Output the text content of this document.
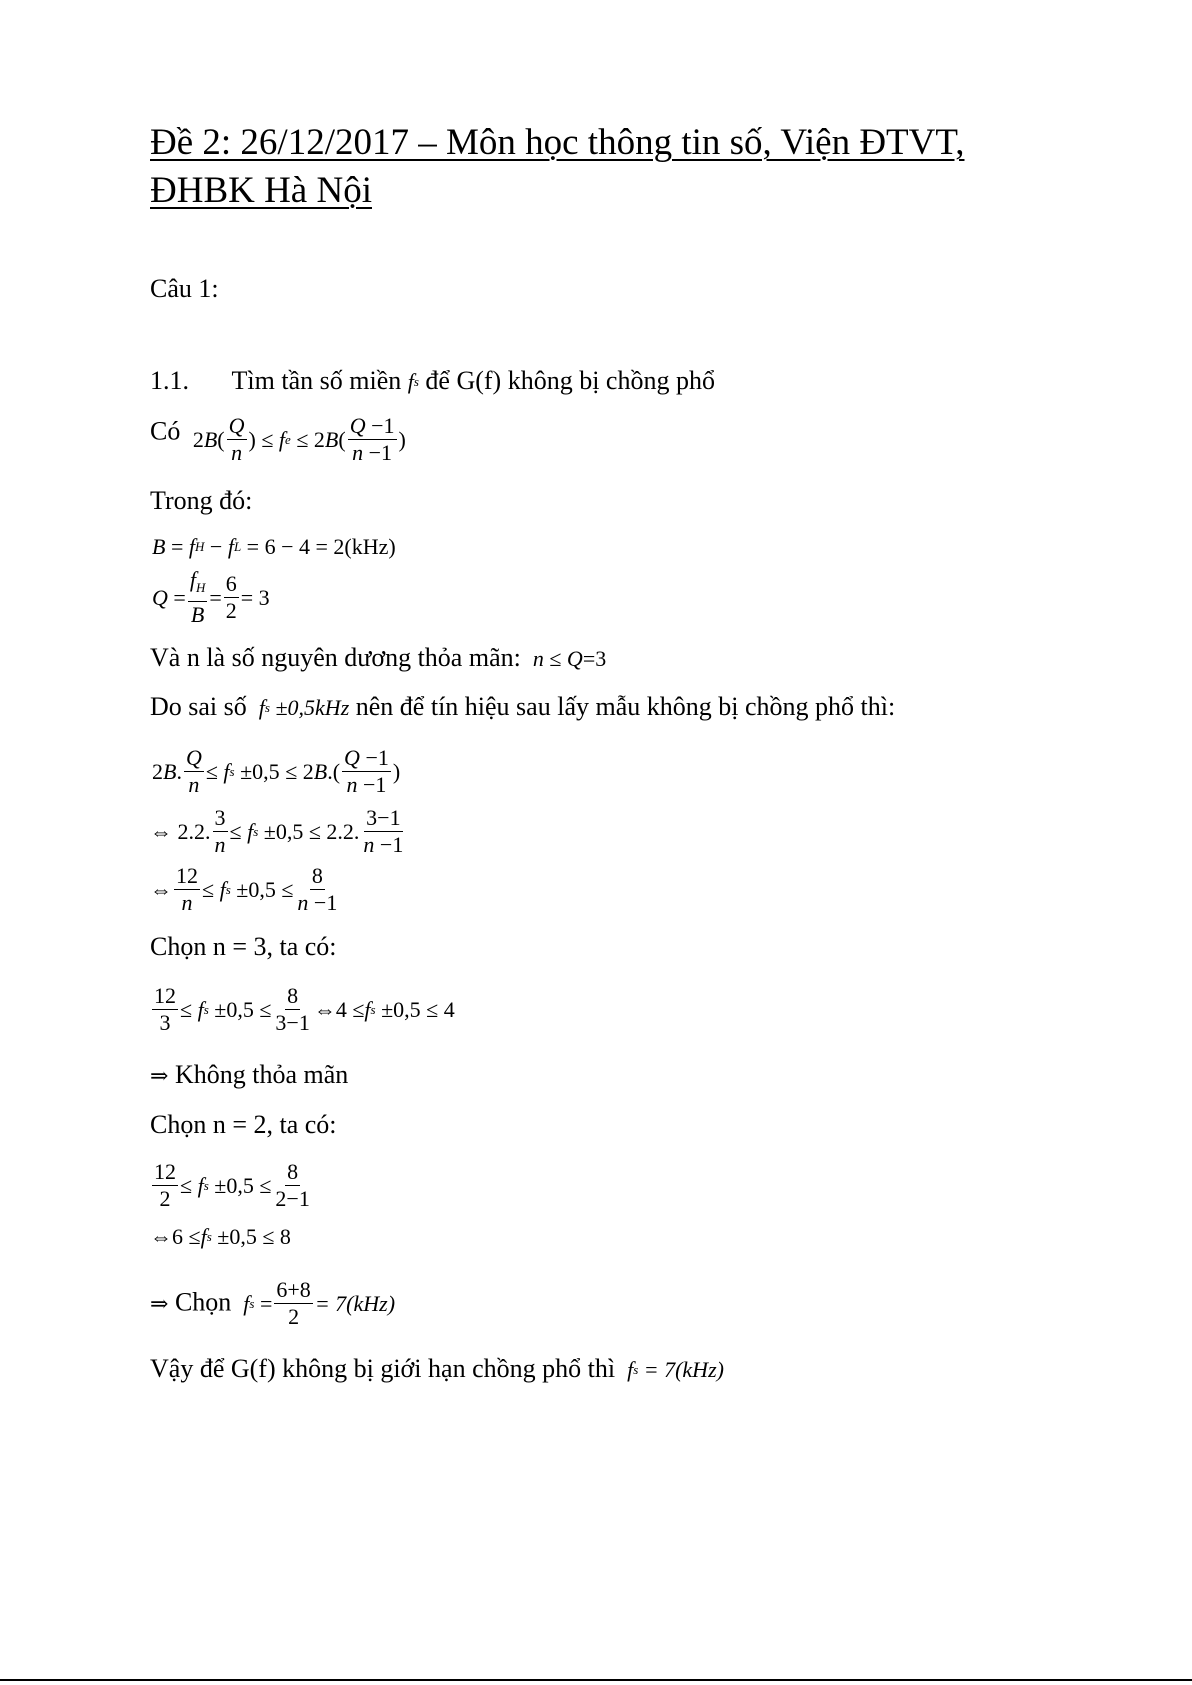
Đề 2: 26/12/2017 – Môn học thông tin số, Viện ĐTVT,
ĐHBK Hà Nội
Câu 1:
1.1. Tìm tần số miền f s để G(f) không bị chồng phổ
Có 2 B ( $\frac{Q}{n}$ ) ≤ f e ≤ 2 B ( $\frac{Q -1}{n -1}$ )
Trong đó:
B = f H − f L
= 6 − 4 = 2(kHz)
$Q = \frac{f_H}{B} = \frac{6}{2} = 3$
Và n là số nguyên dương thỏa mãn: n ≤ Q =3
Do sai số f s
±0,5kHz nên để tín hiệu sau lấy mẫu không bị chồng phổ thì:
2 B . $\frac{Q}{n} \le f$ s
±0,5 ≤ 2 B .( $\frac{Q -1}{n -1}$ )
⇔ 2.2. $\frac{3}{n} \le f$ s
±0,5 ≤ 2.2. $\frac{3-1}{n -1}$
⇔ $\frac{12}{n} \le f$ s
$\pm 0,5 \le \frac{8}{n -1}$
Chọn n = 3, ta có:
$\frac{12}{3} \le f$ s
$\pm 0,5 \le \frac{8}{3-1}$ ⇔ 4 ≤ f s
±0,5 ≤ 4
⇒ Không thỏa mãn
Chọn n = 2, ta có:
$\frac{12}{2} \le f$ s
$\pm 0,5 \le \frac{8}{2-1}$
⇔ 6 ≤ f s
±0,5 ≤ 8
⇒ Chọn f $s = \frac{6+8}{2} = 7(kHz)$
Vậy để G(f) không bị giới hạn chồng phổ thì f s
= 7(kHz)
